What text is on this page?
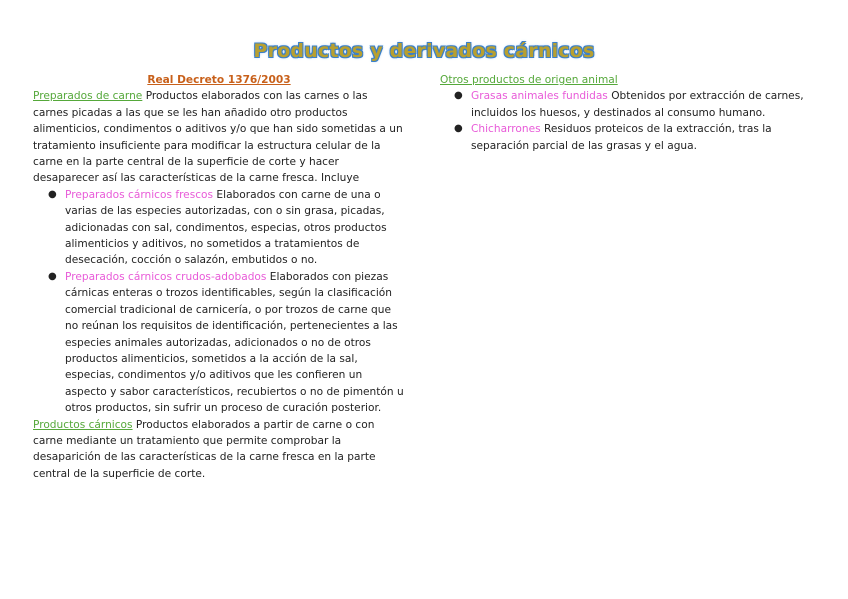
Productos y derivados cárnicos

Real Decreto 1376/2003

Preparados de carne Productos elaborados con las carnes o las carnes picadas a las que se les han añadido otro productos alimenticios, condimentos o aditivos y/o que han sido sometidas a un tratamiento insuficiente para modificar la estructura celular de la carne en la parte central de la superficie de corte y hacer desaparecer así las características de la carne fresca. Incluye

● Preparados cárnicos frescos Elaborados con carne de una o varias de las especies autorizadas, con o sin grasa, picadas, adicionadas con sal, condimentos, especias, otros productos alimenticios y aditivos, no sometidos a tratamientos de desecación, cocción o salazón, embutidos o no.
● Preparados cárnicos crudos-adobados Elaborados con piezas cárnicas enteras o trozos identificables, según la clasificación comercial tradicional de carnicería, o por trozos de carne que no reúnan los requisitos de identificación, pertenecientes a las especies animales autorizadas, adicionados o no de otros productos alimenticios, sometidos a la acción de la sal, especias, condimentos y/o aditivos que les confieren un aspecto y sabor característicos, recubiertos o no de pimentón u otros productos, sin sufrir un proceso de curación posterior.

Productos cárnicos Productos elaborados a partir de carne o con carne mediante un tratamiento que permite comprobar la desaparición de las características de la carne fresca en la parte central de la superficie de corte.

Otros productos de origen animal

● Grasas animales fundidas Obtenidos por extracción de carnes, incluidos los huesos, y destinados al consumo humano.
● Chicharrones Residuos proteicos de la extracción, tras la separación parcial de las grasas y el agua.
